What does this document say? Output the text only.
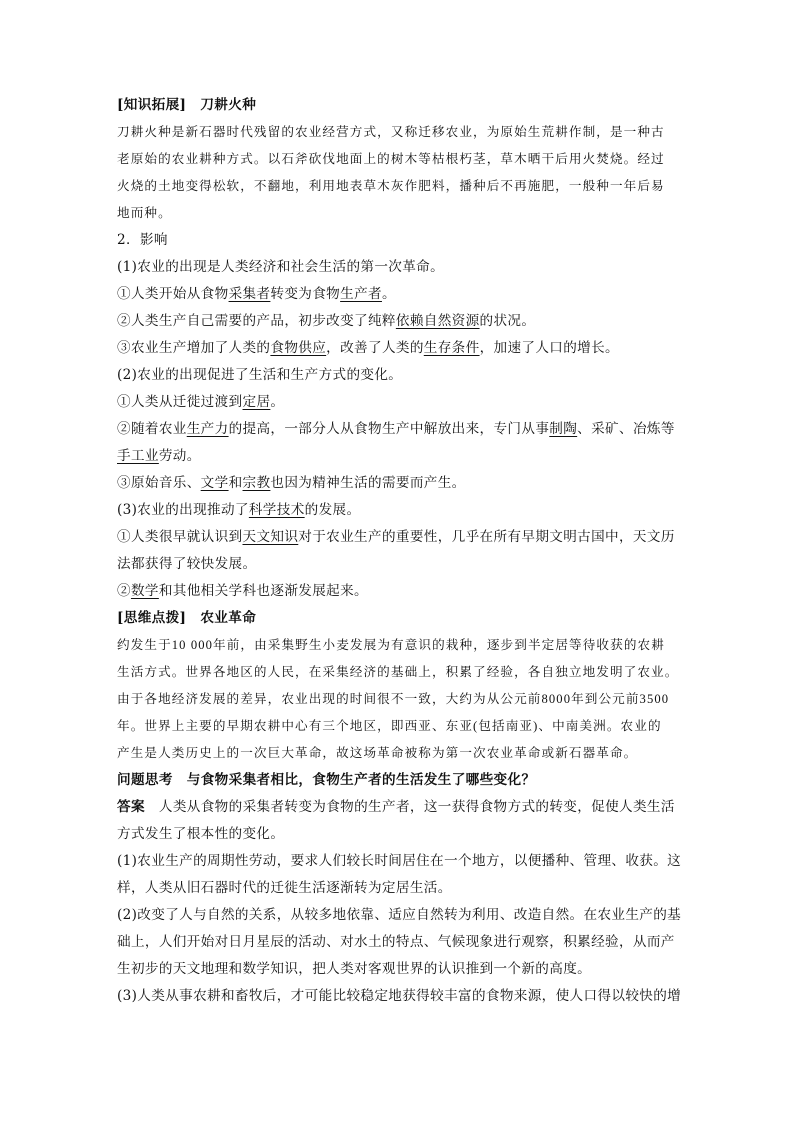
[知识拓展] 刀耕火种
刀耕火种是新石器时代残留的农业经营方式，又称迁移农业，为原始生荒耕作制，是一种古
老原始的农业耕种方式。以石斧砍伐地面上的树木等枯根朽茎，草木晒干后用火焚烧。经过
火烧的土地变得松软，不翻地，利用地表草木灰作肥料，播种后不再施肥，一般种一年后易
地而种。
2．影响
(1)农业的出现是人类经济和社会生活的第一次革命。
①人类开始从食物采集者转变为食物生产者。
②人类生产自己需要的产品，初步改变了纯粹依赖自然资源的状况。
③农业生产增加了人类的食物供应，改善了人类的生存条件，加速了人口的增长。
(2)农业的出现促进了生活和生产方式的变化。
①人类从迁徙过渡到定居。
②随着农业生产力的提高，一部分人从食物生产中解放出来，专门从事制陶、采矿、冶炼等
手工业劳动。
③原始音乐、文学和宗教也因为精神生活的需要而产生。
(3)农业的出现推动了科学技术的发展。
①人类很早就认识到天文知识对于农业生产的重要性，几乎在所有早期文明古国中，天文历
法都获得了较快发展。
②数学和其他相关学科也逐渐发展起来。
[思维点拨] 农业革命
约发生于10 000年前，由采集野生小麦发展为有意识的栽种，逐步到半定居等待收获的农耕
生活方式。世界各地区的人民，在采集经济的基础上，积累了经验，各自独立地发明了农业。
由于各地经济发展的差异，农业出现的时间很不一致，大约为从公元前8000年到公元前3500
年。世界上主要的早期农耕中心有三个地区，即西亚、东亚(包括南亚)、中南美洲。农业的
产生是人类历史上的一次巨大革命，故这场革命被称为第一次农业革命或新石器革命。
问题思考 与食物采集者相比，食物生产者的生活发生了哪些变化？
答案 人类从食物的采集者转变为食物的生产者，这一获得食物方式的转变，促使人类生活
方式发生了根本性的变化。
(1)农业生产的周期性劳动，要求人们较长时间居住在一个地方，以便播种、管理、收获。这
样，人类从旧石器时代的迁徙生活逐渐转为定居生活。
(2)改变了人与自然的关系，从较多地依靠、适应自然转为利用、改造自然。在农业生产的基
础上，人们开始对日月星辰的活动、对水土的特点、气候现象进行观察，积累经验，从而产
生初步的天文地理和数学知识，把人类对客观世界的认识推到一个新的高度。
(3)人类从事农耕和畜牧后，才可能比较稳定地获得较丰富的食物来源，使人口得以较快的增
